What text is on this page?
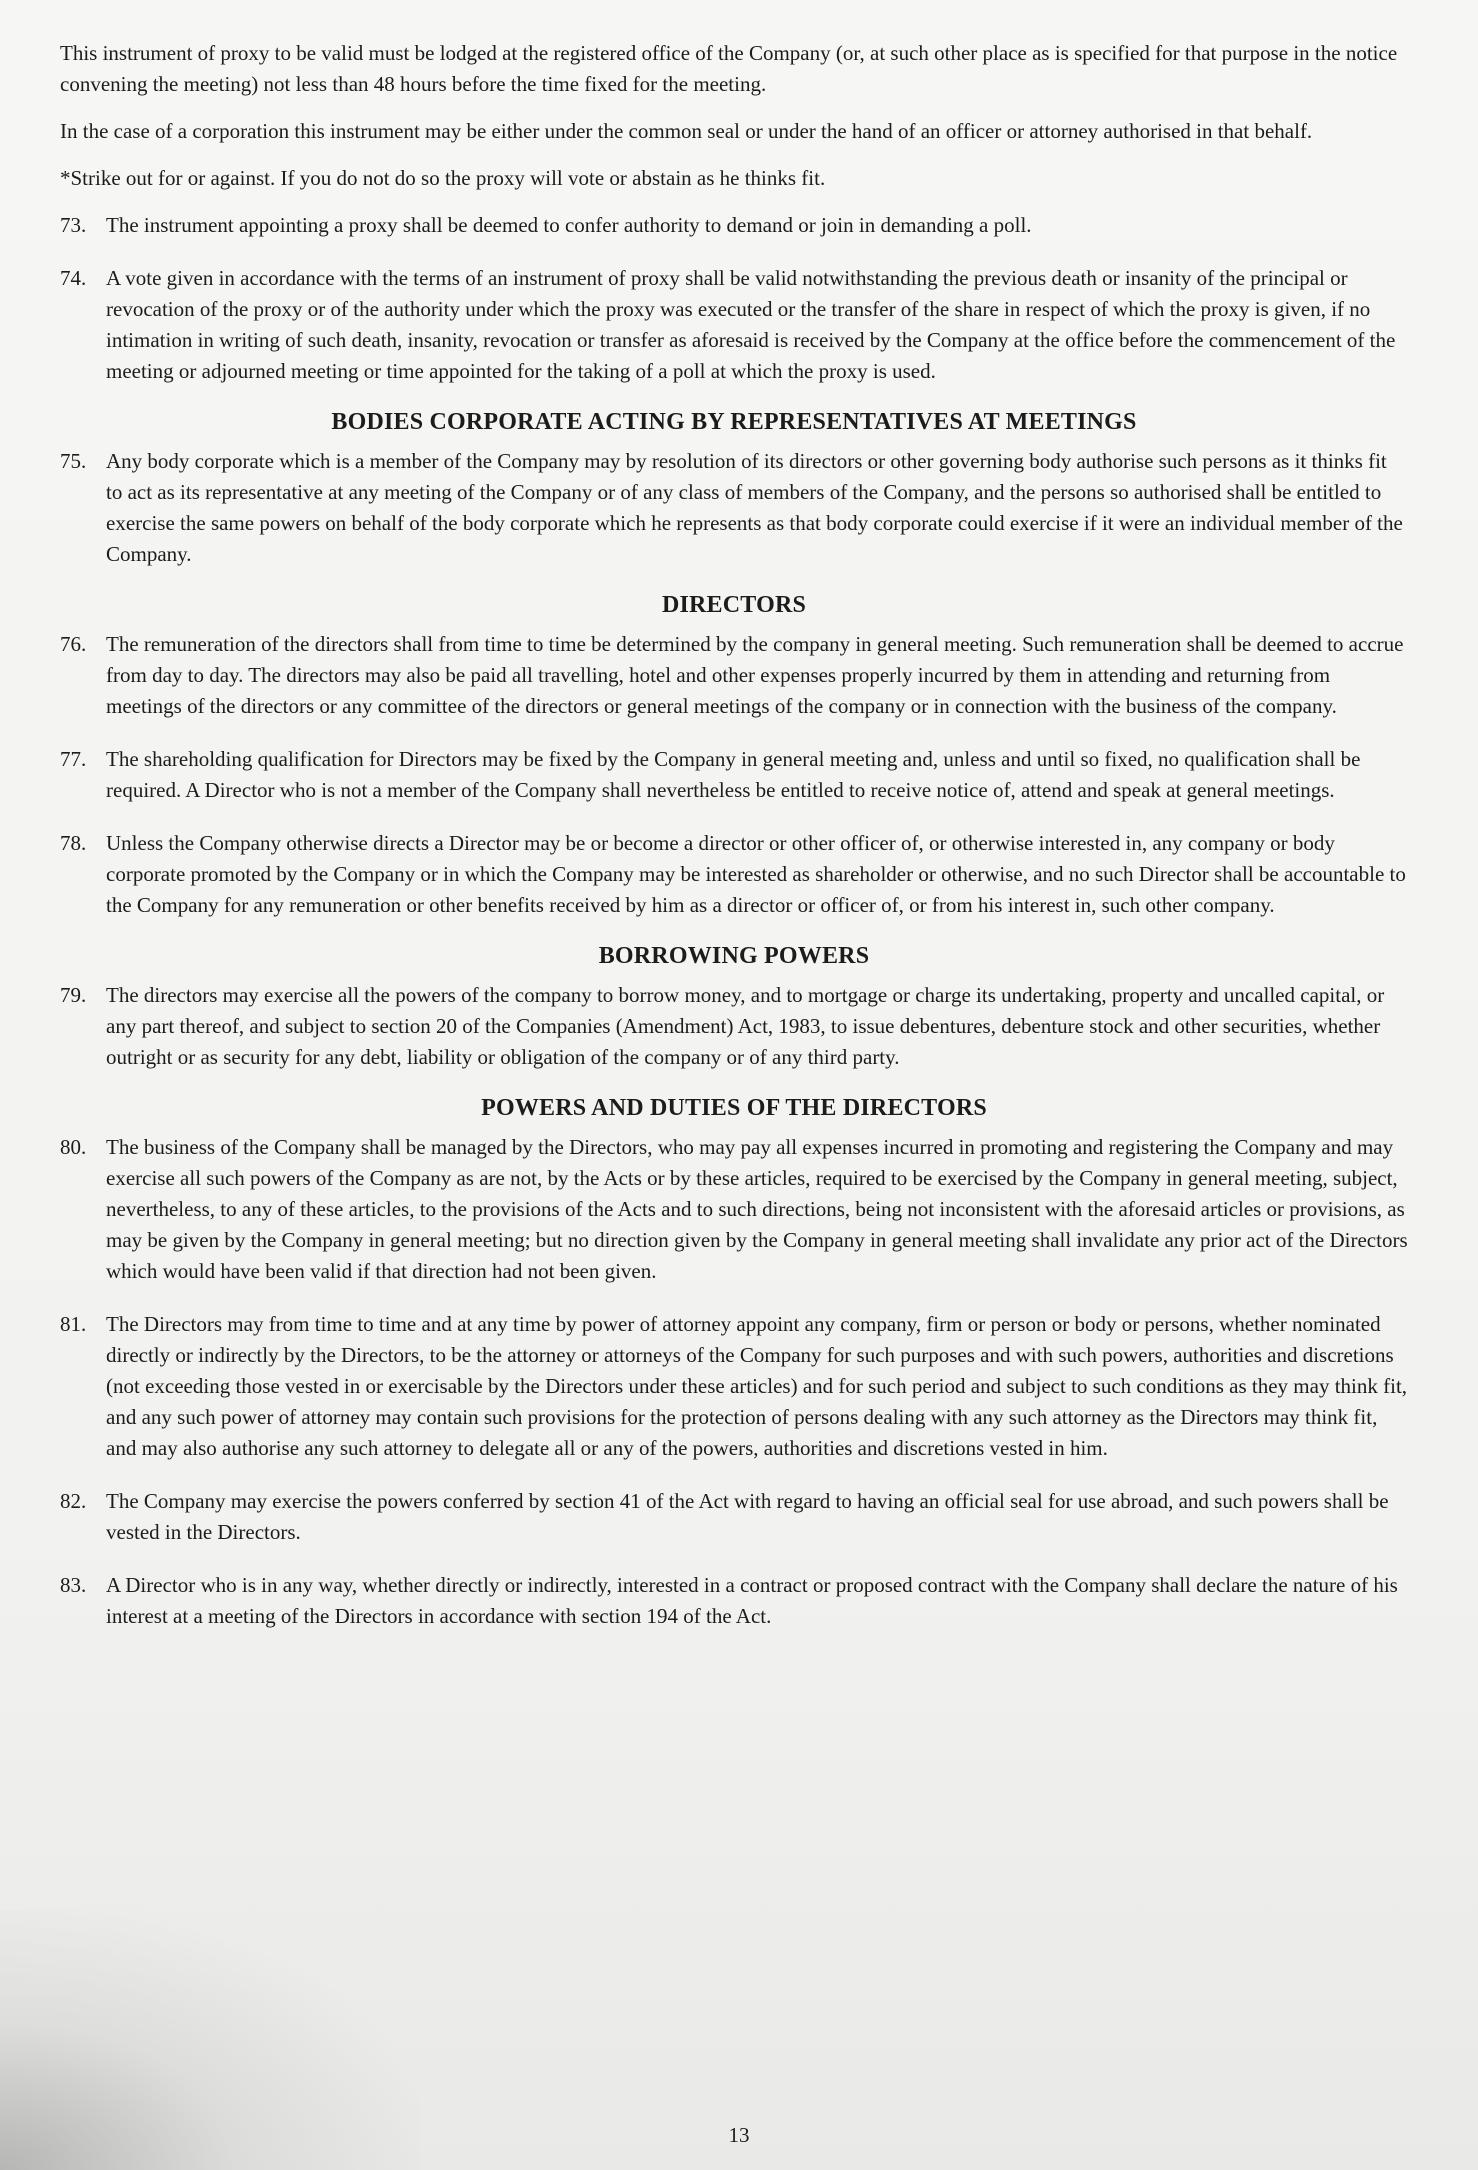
This instrument of proxy to be valid must be lodged at the registered office of the Company (or, at such other place as is specified for that purpose in the notice convening the meeting) not less than 48 hours before the time fixed for the meeting.

In the case of a corporation this instrument may be either under the common seal or under the hand of an officer or attorney authorised in that behalf.

*Strike out for or against. If you do not do so the proxy will vote or abstain as he thinks fit.

73. The instrument appointing a proxy shall be deemed to confer authority to demand or join in demanding a poll.
74. A vote given in accordance with the terms of an instrument of proxy shall be valid notwithstanding the previous death or insanity of the principal or revocation of the proxy or of the authority under which the proxy was executed or the transfer of the share in respect of which the proxy is given, if no intimation in writing of such death, insanity, revocation or transfer as aforesaid is received by the Company at the office before the commencement of the meeting or adjourned meeting or time appointed for the taking of a poll at which the proxy is used.
BODIES CORPORATE ACTING BY REPRESENTATIVES AT MEETINGS
75. Any body corporate which is a member of the Company may by resolution of its directors or other governing body authorise such persons as it thinks fit to act as its representative at any meeting of the Company or of any class of members of the Company, and the persons so authorised shall be entitled to exercise the same powers on behalf of the body corporate which he represents as that body corporate could exercise if it were an individual member of the Company.
DIRECTORS
76. The remuneration of the directors shall from time to time be determined by the company in general meeting. Such remuneration shall be deemed to accrue from day to day. The directors may also be paid all travelling, hotel and other expenses properly incurred by them in attending and returning from meetings of the directors or any committee of the directors or general meetings of the company or in connection with the business of the company.
77. The shareholding qualification for Directors may be fixed by the Company in general meeting and, unless and until so fixed, no qualification shall be required. A Director who is not a member of the Company shall nevertheless be entitled to receive notice of, attend and speak at general meetings.
78. Unless the Company otherwise directs a Director may be or become a director or other officer of, or otherwise interested in, any company or body corporate promoted by the Company or in which the Company may be interested as shareholder or otherwise, and no such Director shall be accountable to the Company for any remuneration or other benefits received by him as a director or officer of, or from his interest in, such other company.
BORROWING POWERS
79. The directors may exercise all the powers of the company to borrow money, and to mortgage or charge its undertaking, property and uncalled capital, or any part thereof, and subject to section 20 of the Companies (Amendment) Act, 1983, to issue debentures, debenture stock and other securities, whether outright or as security for any debt, liability or obligation of the company or of any third party.
POWERS AND DUTIES OF THE DIRECTORS
80. The business of the Company shall be managed by the Directors, who may pay all expenses incurred in promoting and registering the Company and may exercise all such powers of the Company as are not, by the Acts or by these articles, required to be exercised by the Company in general meeting, subject, nevertheless, to any of these articles, to the provisions of the Acts and to such directions, being not inconsistent with the aforesaid articles or provisions, as may be given by the Company in general meeting; but no direction given by the Company in general meeting shall invalidate any prior act of the Directors which would have been valid if that direction had not been given.
81. The Directors may from time to time and at any time by power of attorney appoint any company, firm or person or body or persons, whether nominated directly or indirectly by the Directors, to be the attorney or attorneys of the Company for such purposes and with such powers, authorities and discretions (not exceeding those vested in or exercisable by the Directors under these articles) and for such period and subject to such conditions as they may think fit, and any such power of attorney may contain such provisions for the protection of persons dealing with any such attorney as the Directors may think fit, and may also authorise any such attorney to delegate all or any of the powers, authorities and discretions vested in him.
82. The Company may exercise the powers conferred by section 41 of the Act with regard to having an official seal for use abroad, and such powers shall be vested in the Directors.
83. A Director who is in any way, whether directly or indirectly, interested in a contract or proposed contract with the Company shall declare the nature of his interest at a meeting of the Directors in accordance with section 194 of the Act.
13
